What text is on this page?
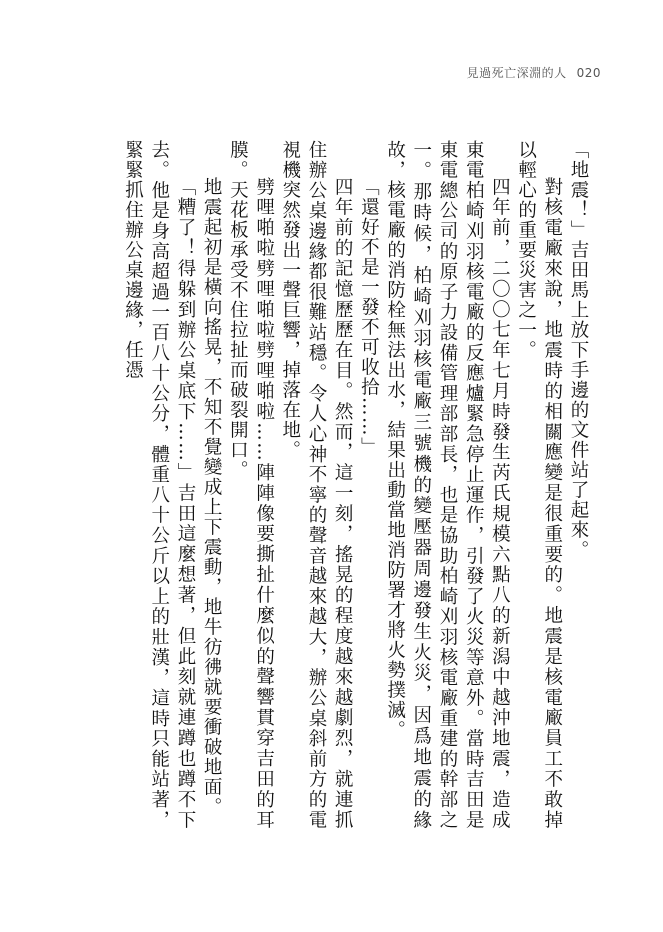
見過死亡深淵的人 020

「地震！」吉田馬上放下手邊的文件站了起來。

對核電廠來說，地震時的相關應變是很重要的。地震是核電廠員工不敢掉以輕心的重要災害之一。

四年前，二〇〇七年七月時發生芮氏規模六點八的新潟中越沖地震，造成東電柏崎刈羽核電廠的反應爐緊急停止運作，引發了火災等意外。當時吉田是東電總公司的原子力設備管理部部長，也是協助柏崎刈羽核電廠重建的幹部之一。那時候，柏崎刈羽核電廠三號機的變壓器周邊發生火災，因爲地震的緣故，核電廠的消防栓無法出水，結果出動當地消防署才將火勢撲滅。

「還好不是一發不可收拾……」

四年前的記憶歷歷在目。然而，這一刻，搖晃的程度越來越劇烈，就連抓住辦公桌邊緣都很難站穩。令人心神不寧的聲音越來越大，辦公桌斜前方的電視機突然發出一聲巨響，掉落在地。

劈哩啪啦劈哩啪啦劈哩啪啦……陣陣像要撕扯什麼似的聲響貫穿吉田的耳膜。天花板承受不住拉扯而破裂開口。

地震起初是橫向搖晃，不知不覺變成上下震動，地牛彷彿就要衝破地面。

「糟了！得躲到辦公桌底下……」吉田這麼想著，但此刻就連蹲也蹲不下去。他是身高超過一百八十公分，體重八十公斤以上的壯漢，這時只能站著，緊緊抓住辦公桌邊緣，任憑
